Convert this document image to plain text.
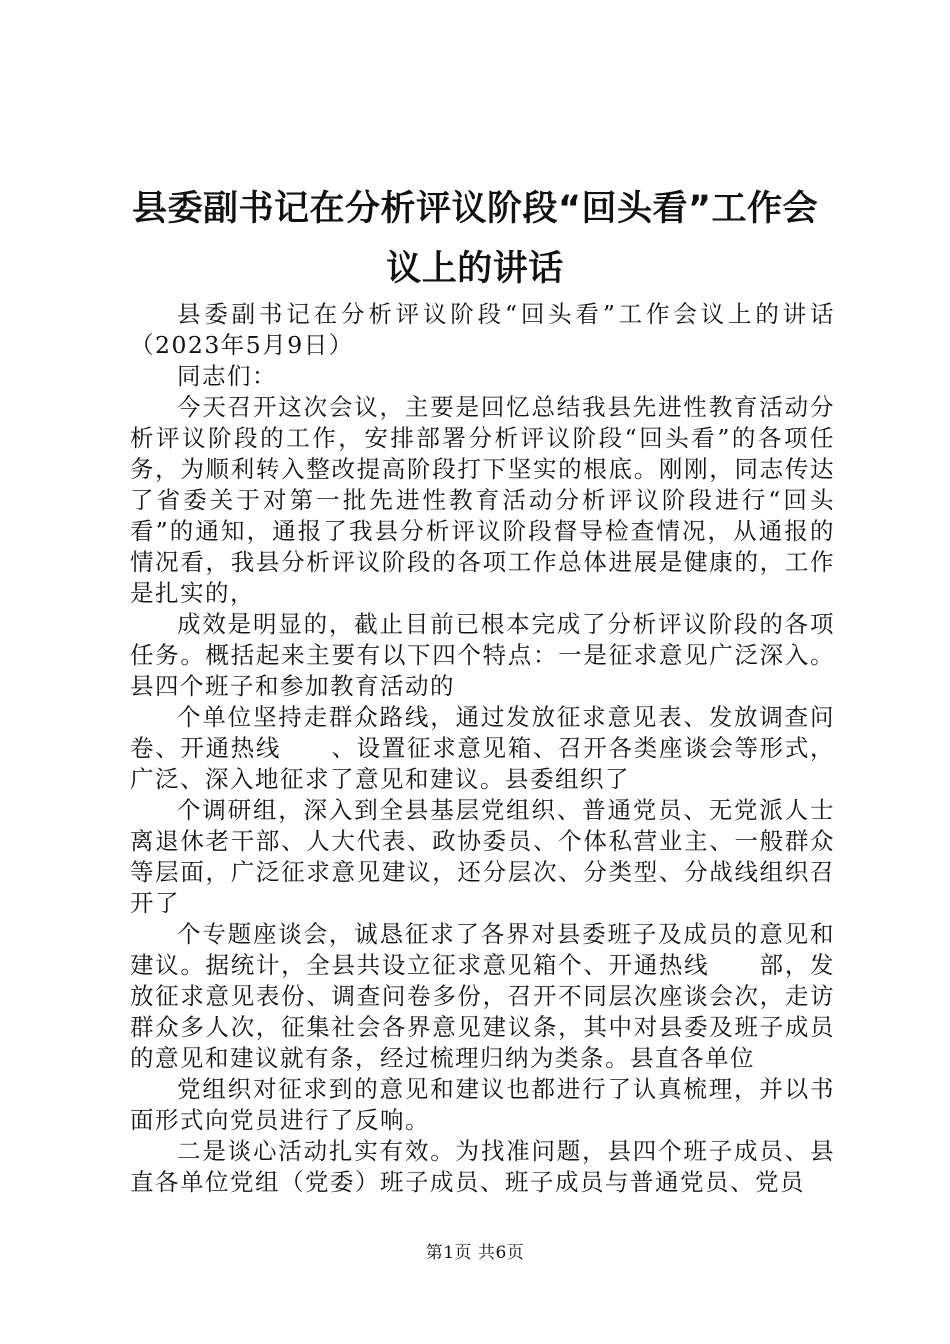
县委副书记在分析评议阶段“回头看”工作会
议上的讲话

县委副书记在分析评议阶段“回头看”工作会议上的讲话（2023年5月9日）

同志们：

今天召开这次会议，主要是回忆总结我县先进性教育活动分析评议阶段的工作，安排部署分析评议阶段“回头看”的各项任务，为顺利转入整改提高阶段打下坚实的根底。刚刚，同志传达了省委关于对第一批先进性教育活动分析评议阶段进行“回头看”的通知，通报了我县分析评议阶段督导检查情况，从通报的情况看，我县分析评议阶段的各项工作总体进展是健康的，工作是扎实的，

成效是明显的，截止目前已根本完成了分析评议阶段的各项任务。概括起来主要有以下四个特点：一是征求意见广泛深入。县四个班子和参加教育活动的

个单位坚持走群众路线，通过发放征求意见表、发放调查问卷、开通热线　　、设置征求意见箱、召开各类座谈会等形式，广泛、深入地征求了意见和建议。县委组织了

个调研组，深入到全县基层党组织、普通党员、无党派人士离退休老干部、人大代表、政协委员、个体私营业主、一般群众等层面，广泛征求意见建议，还分层次、分类型、分战线组织召开了

个专题座谈会，诚恳征求了各界对县委班子及成员的意见和建议。据统计，全县共设立征求意见箱个、开通热线　　部，发放征求意见表份、调查问卷多份，召开不同层次座谈会次，走访群众多人次，征集社会各界意见建议条，其中对县委及班子成员的意见和建议就有条，经过梳理归纳为类条。县直各单位

党组织对征求到的意见和建议也都进行了认真梳理，并以书面形式向党员进行了反响。

二是谈心活动扎实有效。为找准问题，县四个班子成员、县直各单位党组（党委）班子成员、班子成员与普通党员、党员

第1页 共6页
